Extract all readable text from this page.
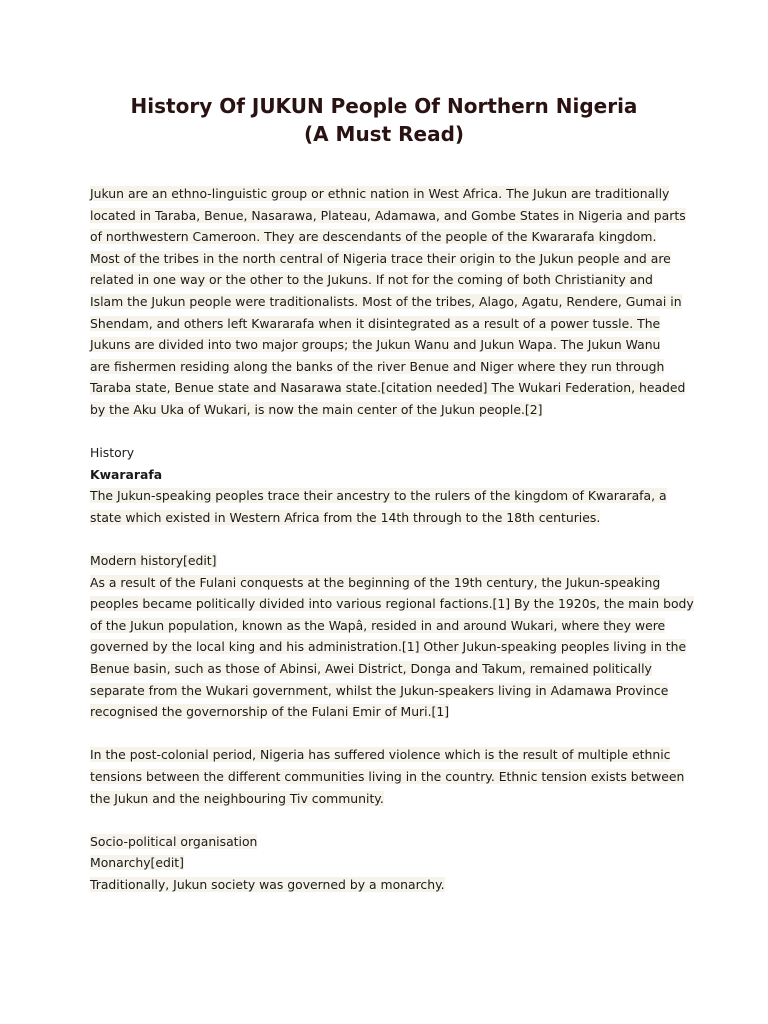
History Of JUKUN People Of Northern Nigeria
(A Must Read)
Jukun are an ethno-linguistic group or ethnic nation in West Africa. The Jukun are traditionally
located in Taraba, Benue, Nasarawa, Plateau, Adamawa, and Gombe States in Nigeria and parts
of northwestern Cameroon. They are descendants of the people of the Kwararafa kingdom.
Most of the tribes in the north central of Nigeria trace their origin to the Jukun people and are
related in one way or the other to the Jukuns. If not for the coming of both Christianity and
Islam the Jukun people were traditionalists. Most of the tribes, Alago, Agatu, Rendere, Gumai in
Shendam, and others left Kwararafa when it disintegrated as a result of a power tussle. The
Jukuns are divided into two major groups; the Jukun Wanu and Jukun Wapa. The Jukun Wanu
are fishermen residing along the banks of the river Benue and Niger where they run through
Taraba state, Benue state and Nasarawa state.[citation needed] The Wukari Federation, headed
by the Aku Uka of Wukari, is now the main center of the Jukun people.[2]
History
Kwararafa
The Jukun-speaking peoples trace their ancestry to the rulers of the kingdom of Kwararafa, a
state which existed in Western Africa from the 14th through to the 18th centuries.
Modern history[edit]
As a result of the Fulani conquests at the beginning of the 19th century, the Jukun-speaking
peoples became politically divided into various regional factions.[1] By the 1920s, the main body
of the Jukun population, known as the Wapâ, resided in and around Wukari, where they were
governed by the local king and his administration.[1] Other Jukun-speaking peoples living in the
Benue basin, such as those of Abinsi, Awei District, Donga and Takum, remained politically
separate from the Wukari government, whilst the Jukun-speakers living in Adamawa Province
recognised the governorship of the Fulani Emir of Muri.[1]
In the post-colonial period, Nigeria has suffered violence which is the result of multiple ethnic
tensions between the different communities living in the country. Ethnic tension exists between
the Jukun and the neighbouring Tiv community.
Socio-political organisation
Monarchy[edit]
Traditionally, Jukun society was governed by a monarchy.
